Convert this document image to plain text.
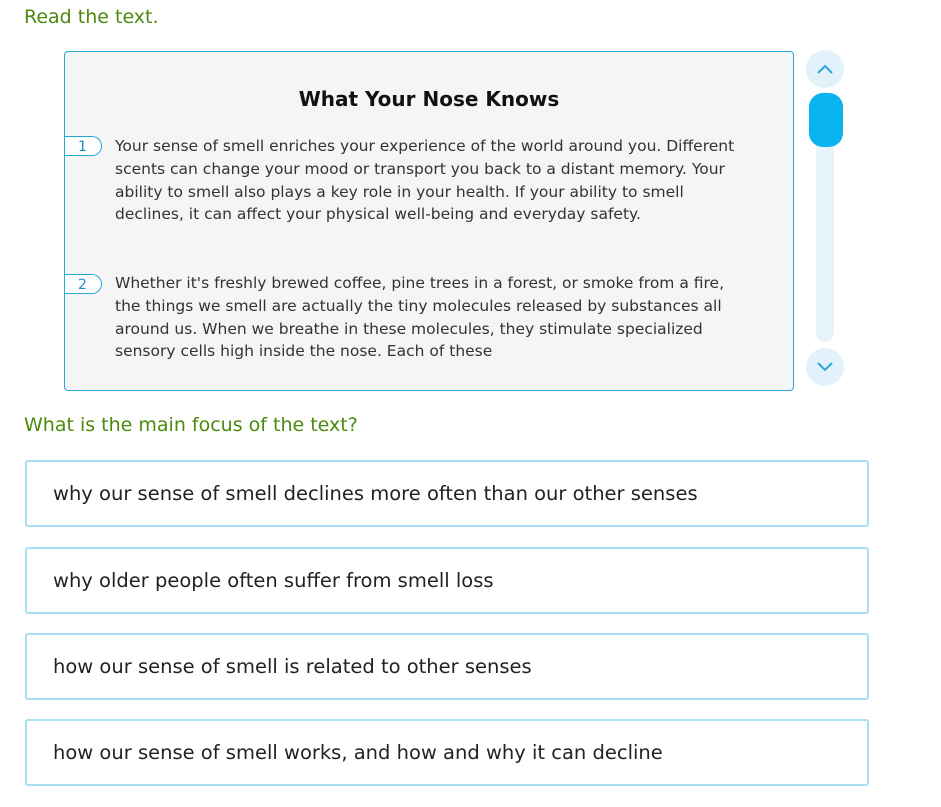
Read the text.
What Your Nose Knows
1	Your sense of smell enriches your experience of the world around you. Different scents can change your mood or transport you back to a distant memory. Your ability to smell also plays a key role in your health. If your ability to smell declines, it can affect your physical well-being and everyday safety.
2	Whether it's freshly brewed coffee, pine trees in a forest, or smoke from a fire, the things we smell are actually the tiny molecules released by substances all around us. When we breathe in these molecules, they stimulate specialized sensory cells high inside the nose. Each of these
What is the main focus of the text?
why our sense of smell declines more often than our other senses
why older people often suffer from smell loss
how our sense of smell is related to other senses
how our sense of smell works, and how and why it can decline
